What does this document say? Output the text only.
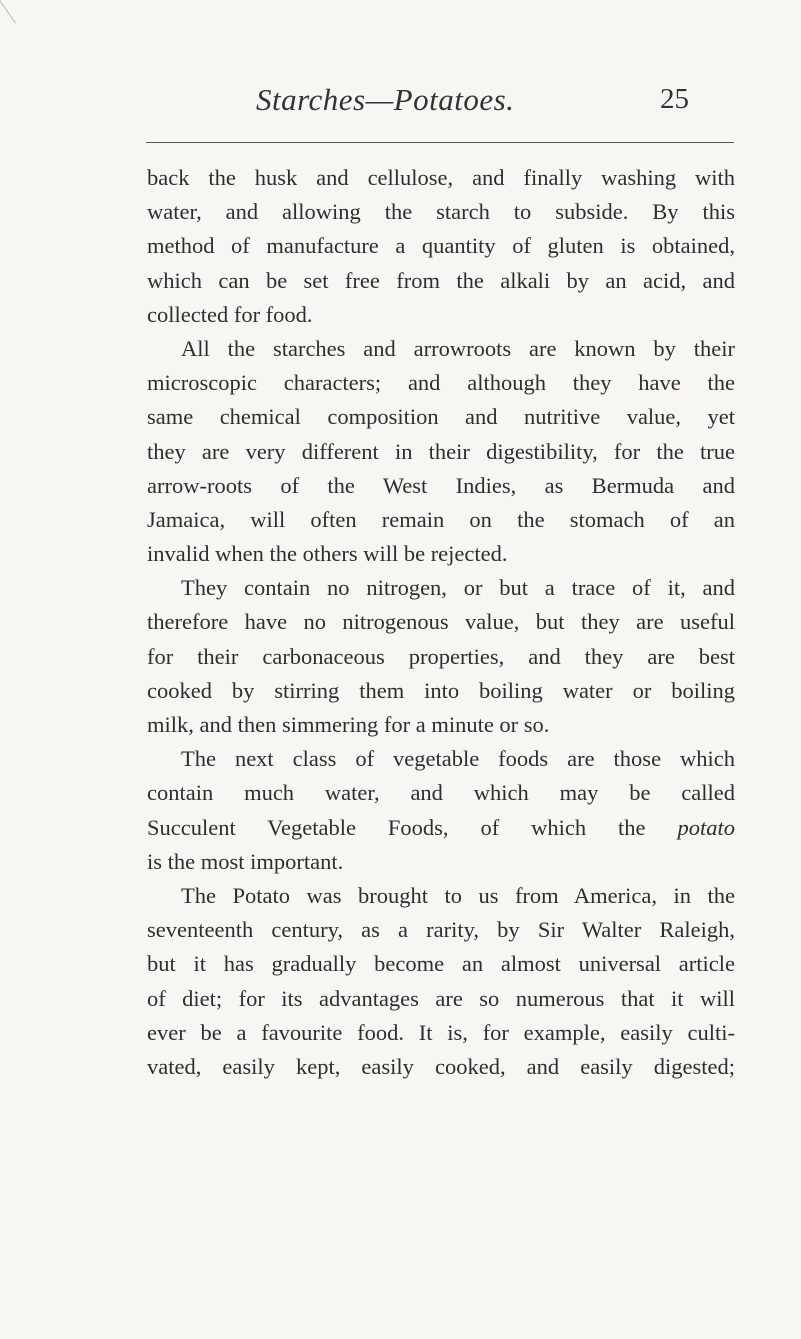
Starches—Potatoes.	25
back the husk and cellulose, and finally washing with
water, and allowing the starch to subside. By this
method of manufacture a quantity of gluten is obtained,
which can be set free from the alkali by an acid, and
collected for food.
All the starches and arrowroots are known by their
microscopic characters; and although they have the
same chemical composition and nutritive value, yet
they are very different in their digestibility, for the true
arrow-roots of the West Indies, as Bermuda and
Jamaica, will often remain on the stomach of an
invalid when the others will be rejected.
They contain no nitrogen, or but a trace of it, and
therefore have no nitrogenous value, but they are useful
for their carbonaceous properties, and they are best
cooked by stirring them into boiling water or boiling
milk, and then simmering for a minute or so.
The next class of vegetable foods are those which
contain much water, and which may be called
Succulent Vegetable Foods, of which the potato
is the most important.
The Potato was brought to us from America, in the
seventeenth century, as a rarity, by Sir Walter Raleigh,
but it has gradually become an almost universal article
of diet; for its advantages are so numerous that it will
ever be a favourite food. It is, for example, easily culti-
vated, easily kept, easily cooked, and easily digested;
